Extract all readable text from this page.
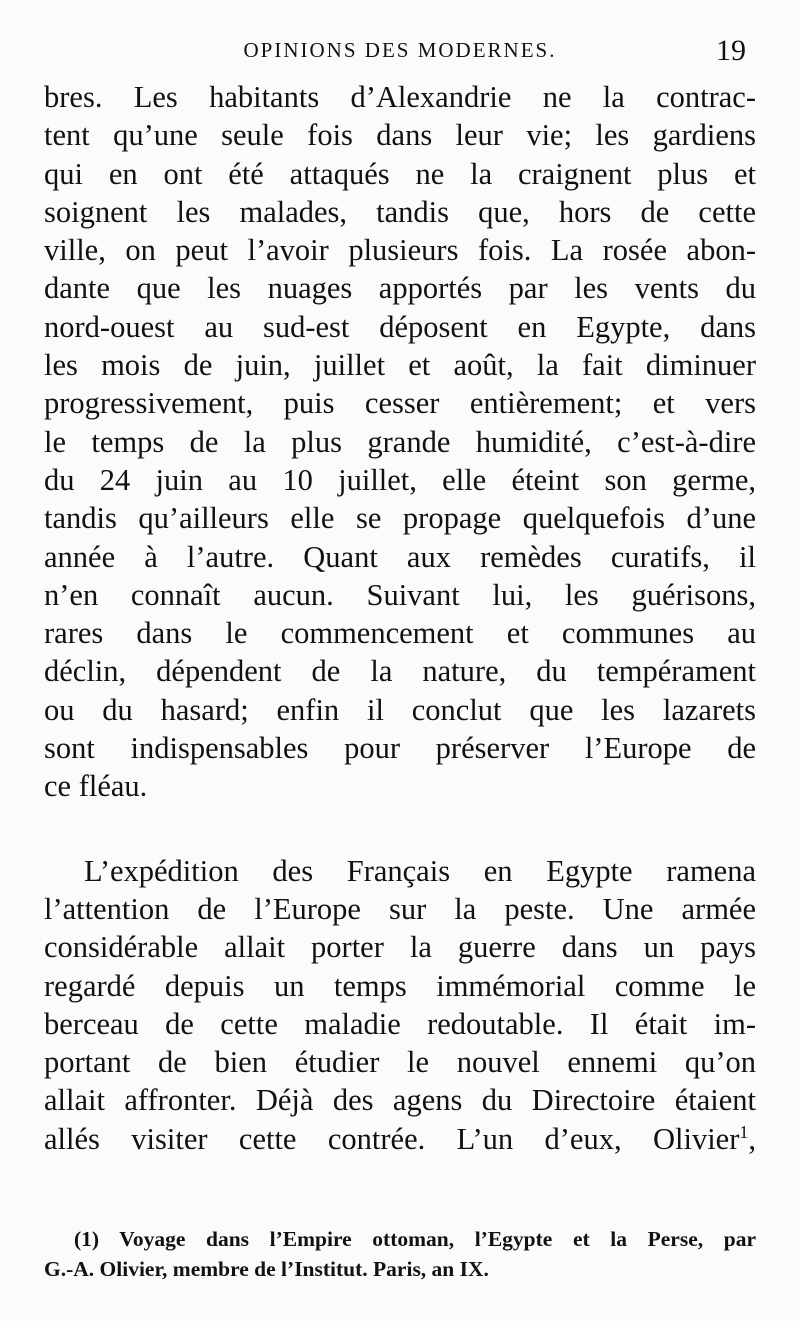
OPINIONS DES MODERNES.	19
bres. Les habitants d’Alexandrie ne la contrac-
tent qu’une seule fois dans leur vie; les gardiens
qui en ont été attaqués ne la craignent plus et
soignent les malades, tandis que, hors de cette
ville, on peut l’avoir plusieurs fois. La rosée abon-
dante que les nuages apportés par les vents du
nord-ouest au sud-est déposent en Egypte, dans
les mois de juin, juillet et août, la fait diminuer
progressivement, puis cesser entièrement; et vers
le temps de la plus grande humidité, c’est-à-dire
du 24 juin au 10 juillet, elle éteint son germe,
tandis qu’ailleurs elle se propage quelquefois d’une
année à l’autre. Quant aux remèdes curatifs, il
n’en connaît aucun. Suivant lui, les guérisons,
rares dans le commencement et communes au
déclin, dépendent de la nature, du tempérament
ou du hasard; enfin il conclut que les lazarets
sont indispensables pour préserver l’Europe de
ce fléau.
L’expédition des Français en Egypte ramena
l’attention de l’Europe sur la peste. Une armée
considérable allait porter la guerre dans un pays
regardé depuis un temps immémorial comme le
berceau de cette maladie redoutable. Il était im-
portant de bien étudier le nouvel ennemi qu’on
allait affronter. Déjà des agens du Directoire étaient
allés visiter cette contrée. L’un d’eux, Olivier$^1$,
(1) Voyage dans l’Empire ottoman, l’Egypte et la Perse, par
G.-A. Olivier, membre de l’Institut. Paris, an IX.
